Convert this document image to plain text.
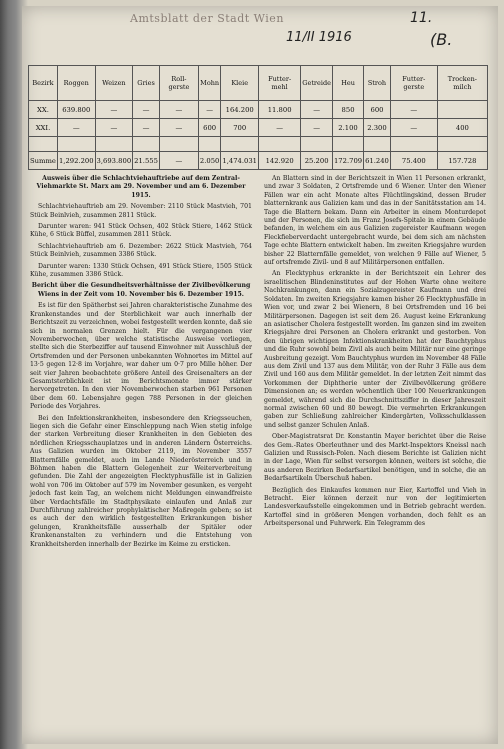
Amtsblatt der Stadt Wien	11.
11/II 1916	(B.
Bezirk	Roggen	Weizen	Gries	Roll-gerste	Mohn	Kleie	Futter-mehl	Getreide	Heu	Stroh	Futter-gerste	Trocken-milch
XX.	639.800	—	—	—	—	164.200	11.800	—	850	600	—	
XXI.	—	—	—	—	600	700	—	—	2.100	2.300	—	400

Summe	1,292.200	3,693.800	21.555	—	2.050	1,474.031	142.920	25.200	172.709	61.240	75.400	157.728

Ausweis über die Schlachtviehauftriebe auf dem Zentral-Viehmarkte St. Marx am 29. November und am 6. Dezember 1915.

Schlachtviehauftrieb am 29. November: 2110 Stück Mastvieh, 701 Stück Beinlvieh, zusammen 2811 Stück.

Darunter waren: 941 Stück Ochsen, 402 Stück Stiere, 1462 Stück Kühe, 6 Stück Büffel, zusammen 2811 Stück.

Schlachtviehauftrieb am 6. Dezember: 2622 Stück Mastvieh, 764 Stück Beinlvieh, zusammen 3386 Stück.

Darunter waren: 1330 Stück Ochsen, 491 Stück Stiere, 1505 Stück Kühe, zusammen 3386 Stück.

Bericht über die Gesundheitsverhältnisse der Zivilbevölkerung Wiens in der Zeit vom 10. November bis 6. Dezember 1915.

Es ist für den Spätherbst sei Jahren charakteristische Zunahme des Krankenstandes und der Sterblichkeit war auch innerhalb der Berichtszeit zu verzeichnen, wobei festgestellt werden konnte, daß sie sich in normalen Grenzen hielt. Für die vergangenen vier Novemberwochen, über welche statistische Ausweise vorliegen, stellte sich die Sterbeziffer auf tausend Einwohner mit Ausschluß der Ortsfremden und der Personen unbekannten Wohnortes im Mittel auf 13·5 gegen 12·8 im Vorjahre, war daher um 0·7 pro Mille höher. Der seit vier Jahren beobachtete größere Anteil des Greisenalters an der Gesamtsterblichkeit ist im Berichtsmonate immer stärker hervorgetreten. In den vier Novemberwochen starben 961 Personen über dem 60. Lebensjahre gegen 788 Personen in der gleichen Periode des Vorjahres.

Bei den Infektionskrankheiten, insbesondere den Kriegsseuchen, liegen sich die Gefahr einer Einschleppung nach Wien stetig infolge der starken Verbreitung dieser Krankheiten in den Gebieten des nördlichen Kriegsschauplatzes und in anderen Ländern Österreichs. Aus Galizien wurden im Oktober 2119, im November 3557 Blatternfälle gemeldet, auch im Lande Niederösterreich und in Böhmen haben die Blattern Gelegenheit zur Weiterverbreitung gefunden. Die Zahl der angezeigten Flecktyphusfälle ist in Galizien wohl von 706 im Oktober auf 579 im November gesunken, es vergeht jedoch fast kein Tag, an welchem nicht Meldungen einwandfreiste über Verdachtsfälle im Stadtphysikate einlaufen und Anlaß zur Durchführung zahlreicher prophylaktischer Maßregeln geben; so ist es auch der den wirklich festgestellten Erkrankungen bisher gelungen, Krankheitsfälle ausserhalb der Spitäler oder Krankenanstalten zu verhindern und die Entstehung von Krankheitsherden innerhalb der Bezirke im Keime zu ersticken.

An Blattern sind in der Berichtszeit in Wien 11 Personen erkrankt, und zwar 3 Soldaten, 2 Ortsfremde und 6 Wiener. Unter den Wiener Fällen war ein acht Monate altes Flüchtlingskind, dessen Bruder blatternkrank aus Galizien kam und das in der Sanitätsstation am 14. Tage die Blattern bekam. Dann ein Arbeiter in einem Monturdepot und der Personen, die sich im Franz Josefs-Spitale in einem Gebäude befanden, in welchem ein aus Galizien zugereister Kaufmann wegen Fleckfieberverdacht untergebracht wurde, bei dem sich am nächsten Tage echte Blattern entwickelt haben. Im zweiten Kriegsjahre wurden bisher 22 Blatternfälle gemeldet, von welchen 9 Fälle auf Wiener, 5 auf ortsfremde Zivil- und 8 auf Militärpersonen entfallen.

An Flecktyphus erkrankte in der Berichtszeit ein Lehrer des israelitischen Blindeninstitutes auf der Hohen Warte ohne weitere Nachkrankungen, dann ein Sozialzugereister Kaufmann und drei Soldaten. Im zweiten Kriegsjahre kamen bisher 26 Flecktyphusfälle in Wien vor, und zwar 2 bei Wienern, 8 bei Ortsfremden und 16 bei Militärpersonen. Dagegen ist seit dem 26. August keine Erkrankung an asiatischer Cholera festgestellt worden. Im ganzen sind im zweiten Kriegsjahre drei Personen an Cholera erkrankt und gestorben. Von den übrigen wichtigen Infektionskrankheiten hat der Bauchtyphus und die Ruhr sowohl beim Zivil als auch beim Militär nur eine geringe Ausbreitung gezeigt. Vom Bauchtyphus wurden im November 48 Fälle aus dem Zivil und 137 aus dem Militär, von der Ruhr 3 Fälle aus dem Zivil und 160 aus dem Militär gemeldet. In der letzten Zeit nimmt das Vorkommen der Diphtherie unter der Zivilbevölkerung größere Dimensionen an; es werden wöchentlich über 100 Neuerkrankungen gemeldet, während sich die Durchschnittsziffer in dieser Jahreszeit normal zwischen 60 und 80 bewegt. Die vermehrten Erkrankungen gaben zur Schließung zahlreicher Kindergärten, Volksschulklassen und selbst ganzer Schulen Anlaß.

Ober-Magistratsrat Dr. Konstantin Mayer berichtet über die Reise des Gem.-Rates Oberleuthner und des Markt-Inspektors Kneissl nach Galizien und Russisch-Polen. Nach diesem Berichte ist Galizien nicht in der Lage, Wien für selbst versorgen können, weiters ist solche, die aus anderen Bezirken Bedarfsartikel benötigen, und in solche, die an Bedarfsartikeln Überschuß haben.

Bezüglich des Einkaufes kommen nur Eier, Kartoffel und Vieh in Betracht. Eier können derzeit nur von der legitimierten Landesverkaufsstelle eingekommen und in Betrieb gebracht werden. Kartoffel sind in größeren Mengen vorhanden, doch fehlt es an Arbeitspersonal und Fuhrwerk. Ein Telegramm des
